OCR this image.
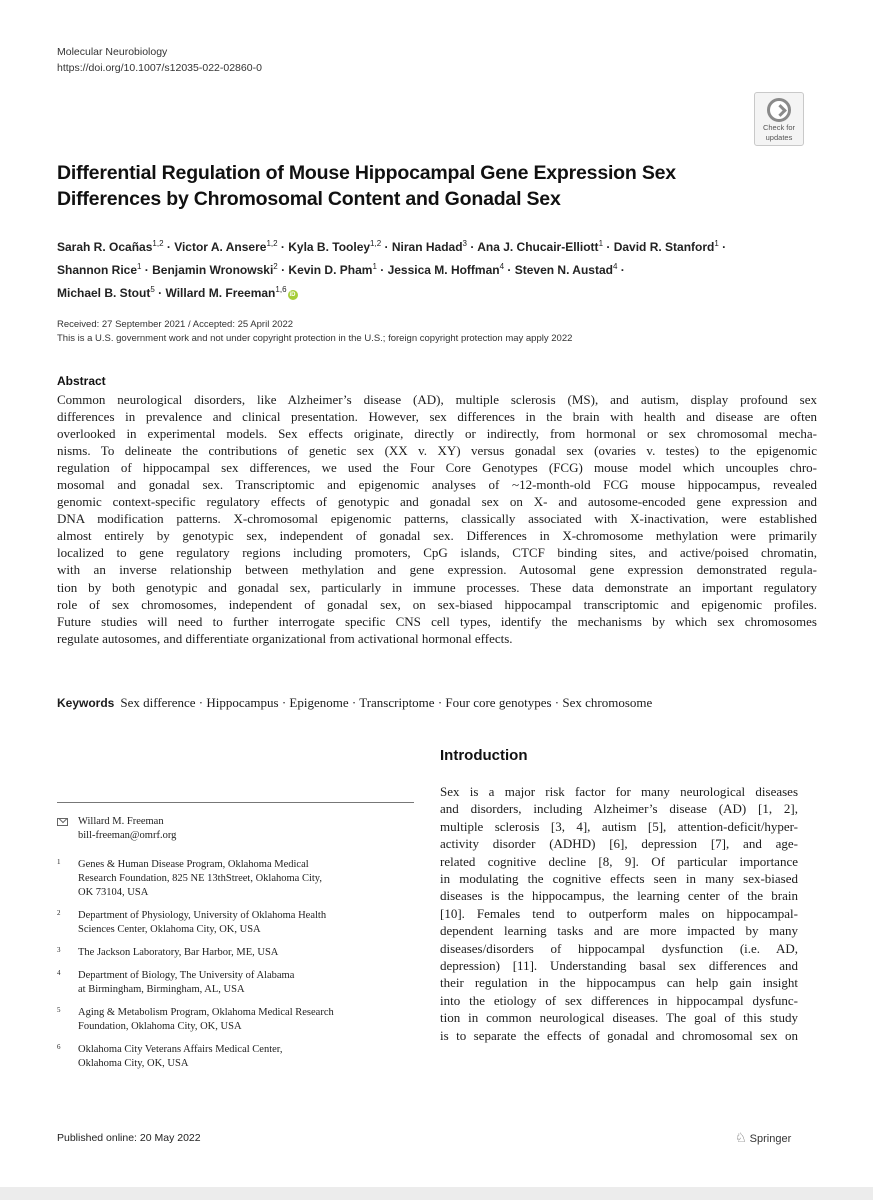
Molecular Neurobiology
https://doi.org/10.1007/s12035-022-02860-0
Check for
updates
Differential Regulation of Mouse Hippocampal Gene Expression Sex
Differences by Chromosomal Content and Gonadal Sex
Sarah R. Ocañas$^{1,2}$ · Victor A. Ansere$^{1,2}$ · Kyla B. Tooley$^{1,2}$ · Niran Hadad$^3$ · Ana J. Chucair-Elliott$^1$ · David R. Stanford$^1$ ·
Shannon Rice$^1$ · Benjamin Wronowski$^2$ · Kevin D. Pham$^1$ · Jessica M. Hoffman$^4$ · Steven N. Austad$^4$ ·
Michael B. Stout$^5$ · Willard M. Freeman$^{1,6}$iD
Received: 27 September 2021 / Accepted: 25 April 2022
This is a U.S. government work and not under copyright protection in the U.S.; foreign copyright protection may apply 2022
Abstract
Common neurological disorders, like Alzheimer’s disease (AD), multiple sclerosis (MS), and autism, display profound sex
differences in prevalence and clinical presentation. However, sex differences in the brain with health and disease are often
overlooked in experimental models. Sex effects originate, directly or indirectly, from hormonal or sex chromosomal mecha-
nisms. To delineate the contributions of genetic sex (XX v. XY) versus gonadal sex (ovaries v. testes) to the epigenomic
regulation of hippocampal sex differences, we used the Four Core Genotypes (FCG) mouse model which uncouples chro-
mosomal and gonadal sex. Transcriptomic and epigenomic analyses of ~12-month-old FCG mouse hippocampus, revealed
genomic context-specific regulatory effects of genotypic and gonadal sex on X- and autosome-encoded gene expression and
DNA modification patterns. X-chromosomal epigenomic patterns, classically associated with X-inactivation, were established
almost entirely by genotypic sex, independent of gonadal sex. Differences in X-chromosome methylation were primarily
localized to gene regulatory regions including promoters, CpG islands, CTCF binding sites, and active/poised chromatin,
with an inverse relationship between methylation and gene expression. Autosomal gene expression demonstrated regula-
tion by both genotypic and gonadal sex, particularly in immune processes. These data demonstrate an important regulatory
role of sex chromosomes, independent of gonadal sex, on sex-biased hippocampal transcriptomic and epigenomic profiles.
Future studies will need to further interrogate specific CNS cell types, identify the mechanisms by which sex chromosomes
regulate autosomes, and differentiate organizational from activational hormonal effects.
Keywords Sex difference · Hippocampus · Epigenome · Transcriptome · Four core genotypes · Sex chromosome
Introduction
Sex is a major risk factor for many neurological diseases
and disorders, including Alzheimer’s disease (AD) [1, 2],
multiple sclerosis [3, 4], autism [5], attention-deficit/hyper-
activity disorder (ADHD) [6], depression [7], and age-
related cognitive decline [8, 9]. Of particular importance
in modulating the cognitive effects seen in many sex-biased
diseases is the hippocampus, the learning center of the brain
[10]. Females tend to outperform males on hippocampal-
dependent learning tasks and are more impacted by many
diseases/disorders of hippocampal dysfunction (i.e. AD,
depression) [11]. Understanding basal sex differences and
their regulation in the hippocampus can help gain insight
into the etiology of sex differences in hippocampal dysfunc-
tion in common neurological diseases. The goal of this study
is to separate the effects of gonadal and chromosomal sex on
Willard M. Freeman
bill-freeman@omrf.org
1 Genes & Human Disease Program, Oklahoma Medical
Research Foundation, 825 NE 13thStreet, Oklahoma City,
OK 73104, USA
2 Department of Physiology, University of Oklahoma Health
Sciences Center, Oklahoma City, OK, USA
3 The Jackson Laboratory, Bar Harbor, ME, USA
4 Department of Biology, The University of Alabama
at Birmingham, Birmingham, AL, USA
5 Aging & Metabolism Program, Oklahoma Medical Research
Foundation, Oklahoma City, OK, USA
6 Oklahoma City Veterans Affairs Medical Center,
Oklahoma City, OK, USA
Published online: 20 May 2022	♘ Springer
